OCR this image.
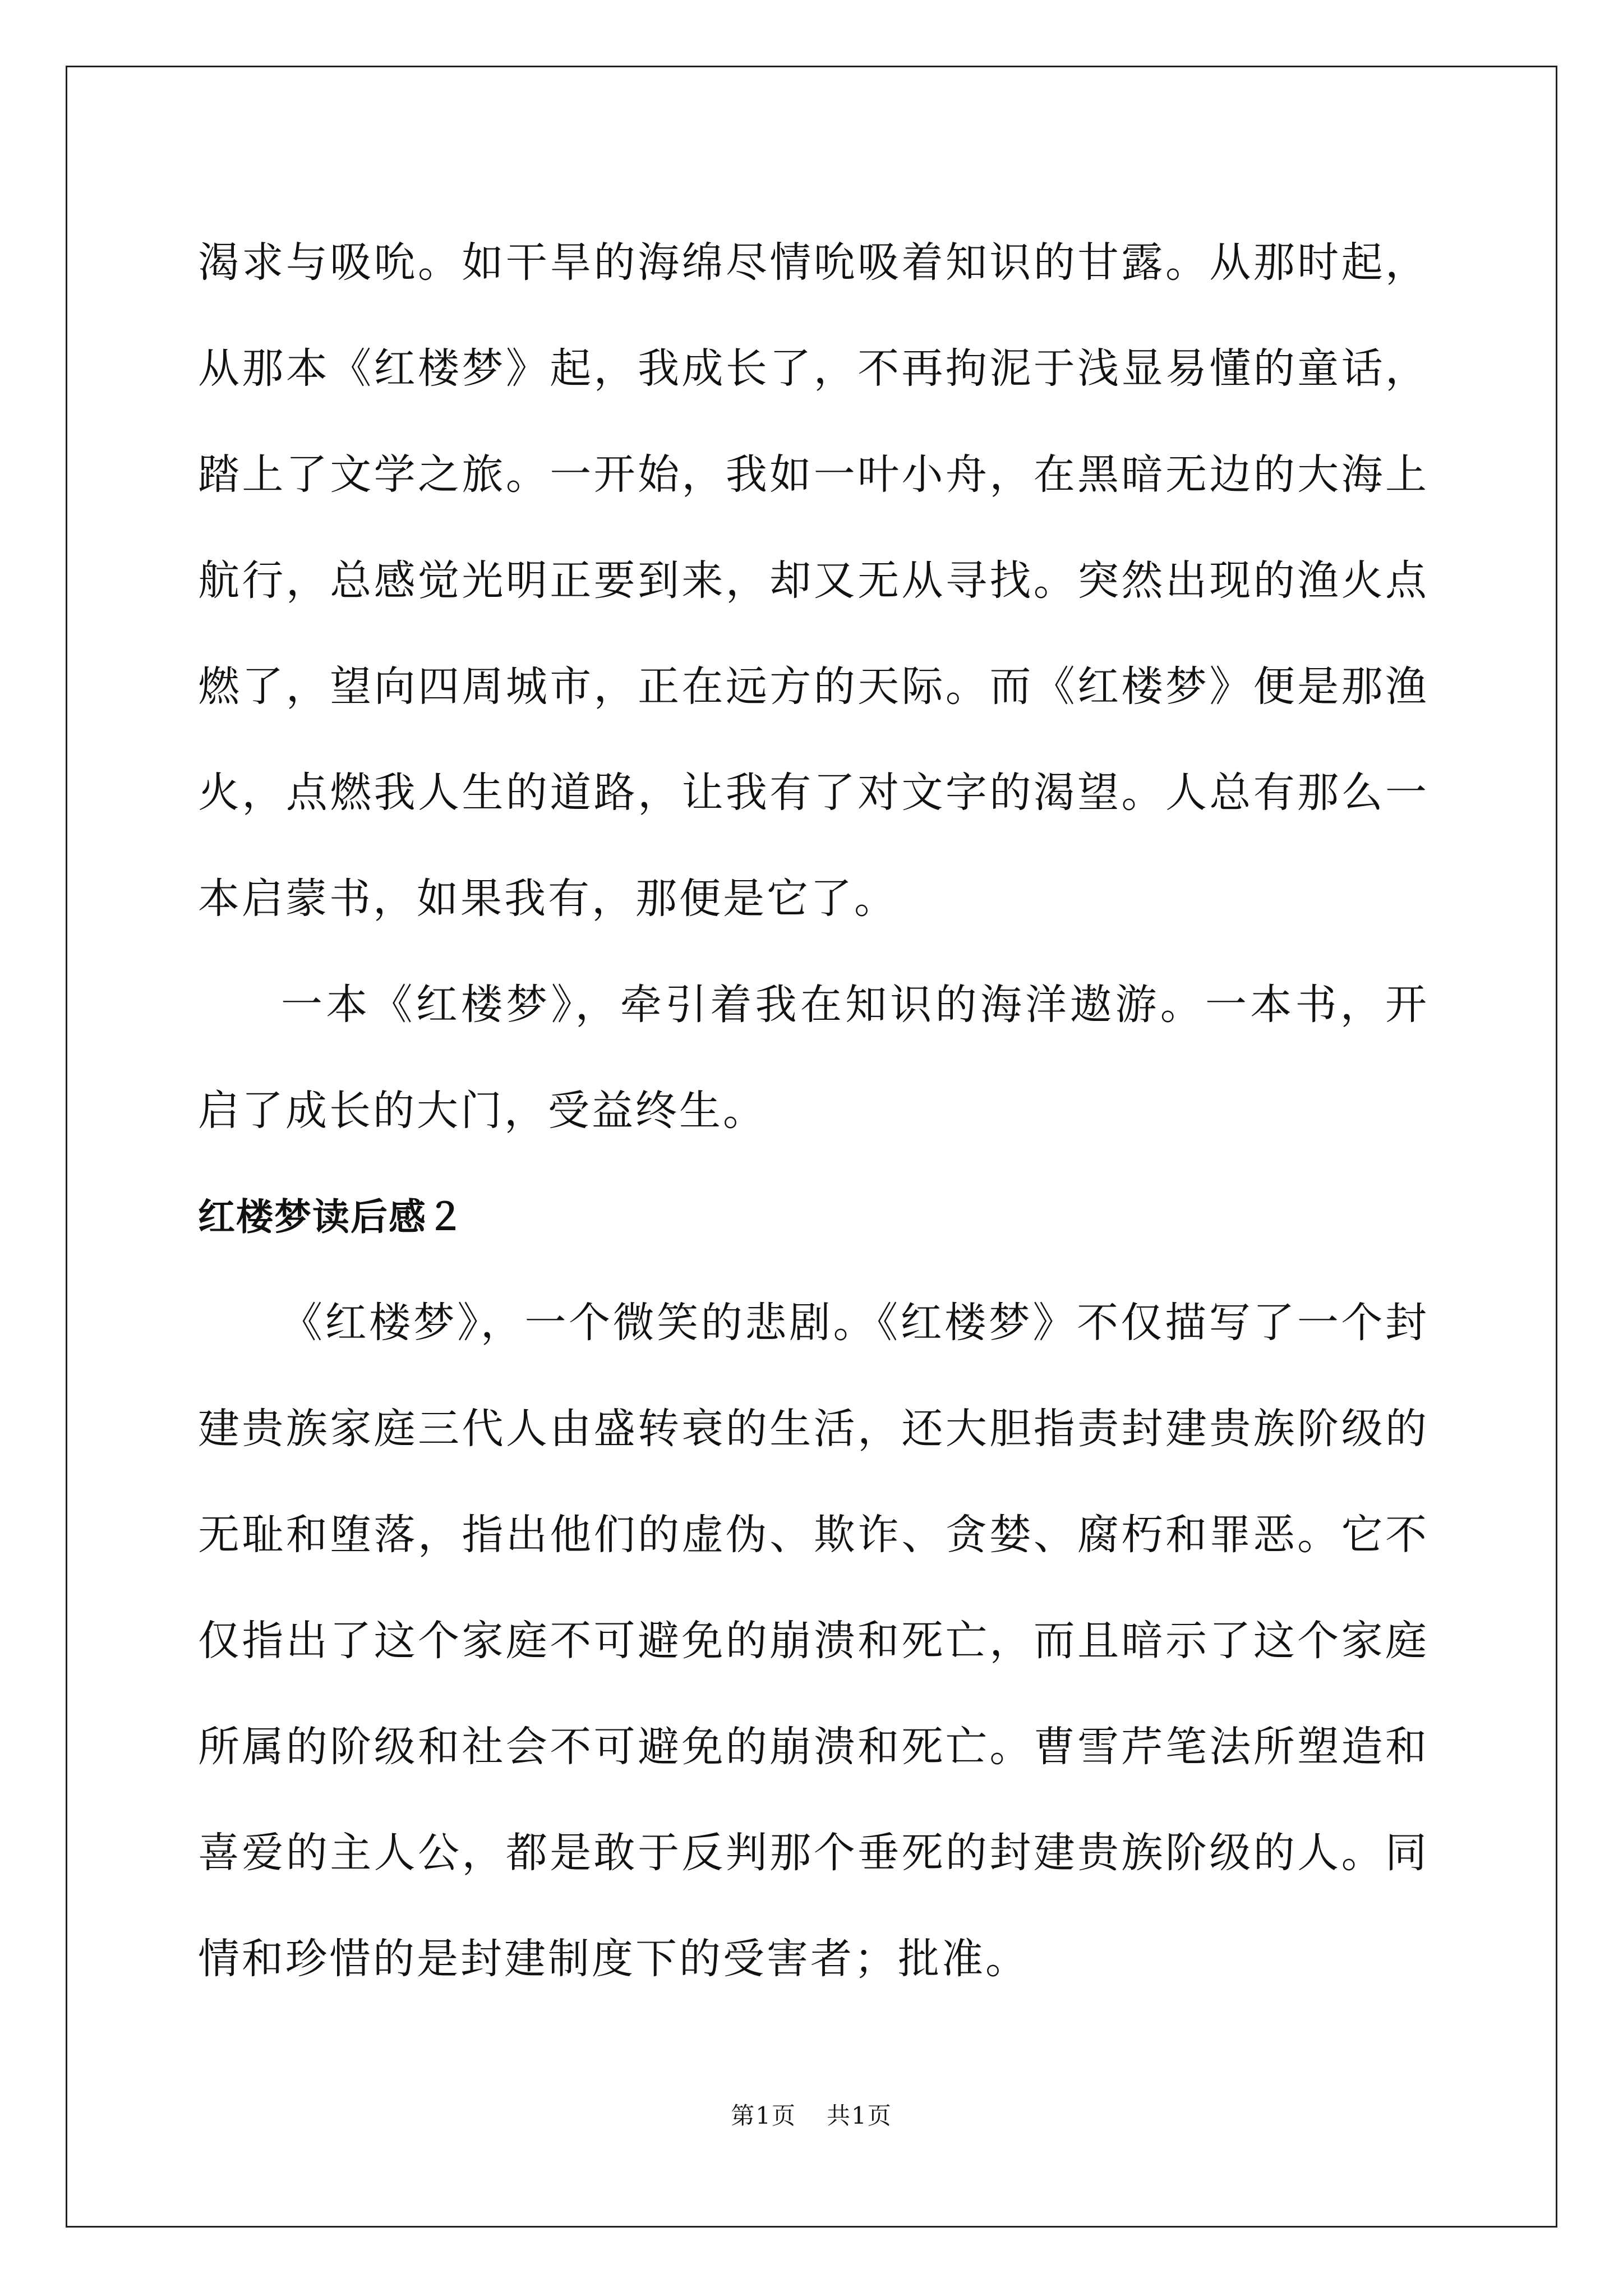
渴求与吸吮。如干旱的海绵尽情吮吸着知识的甘露。从那时起，从那本《红楼梦》起，我成长了，不再拘泥于浅显易懂的童话，踏上了文学之旅。一开始，我如一叶小舟，在黑暗无边的大海上航行，总感觉光明正要到来，却又无从寻找。突然出现的渔火点燃了，望向四周城市，正在远方的天际。而《红楼梦》便是那渔火，点燃我人生的道路，让我有了对文字的渴望。人总有那么一本启蒙书，如果我有，那便是它了。

一本《红楼梦》，牵引着我在知识的海洋遨游。一本书，开启了成长的大门，受益终生。

红楼梦读后感２

《红楼梦》，一个微笑的悲剧。《红楼梦》不仅描写了一个封建贵族家庭三代人由盛转衰的生活，还大胆指责封建贵族阶级的无耻和堕落，指出他们的虚伪、欺诈、贪婪、腐朽和罪恶。它不仅指出了这个家庭不可避免的崩溃和死亡，而且暗示了这个家庭所属的阶级和社会不可避免的崩溃和死亡。曹雪芹笔法所塑造和喜爱的主人公，都是敢于反判那个垂死的封建贵族阶级的人。同情和珍惜的是封建制度下的受害者；批准。

第1页 共1页
